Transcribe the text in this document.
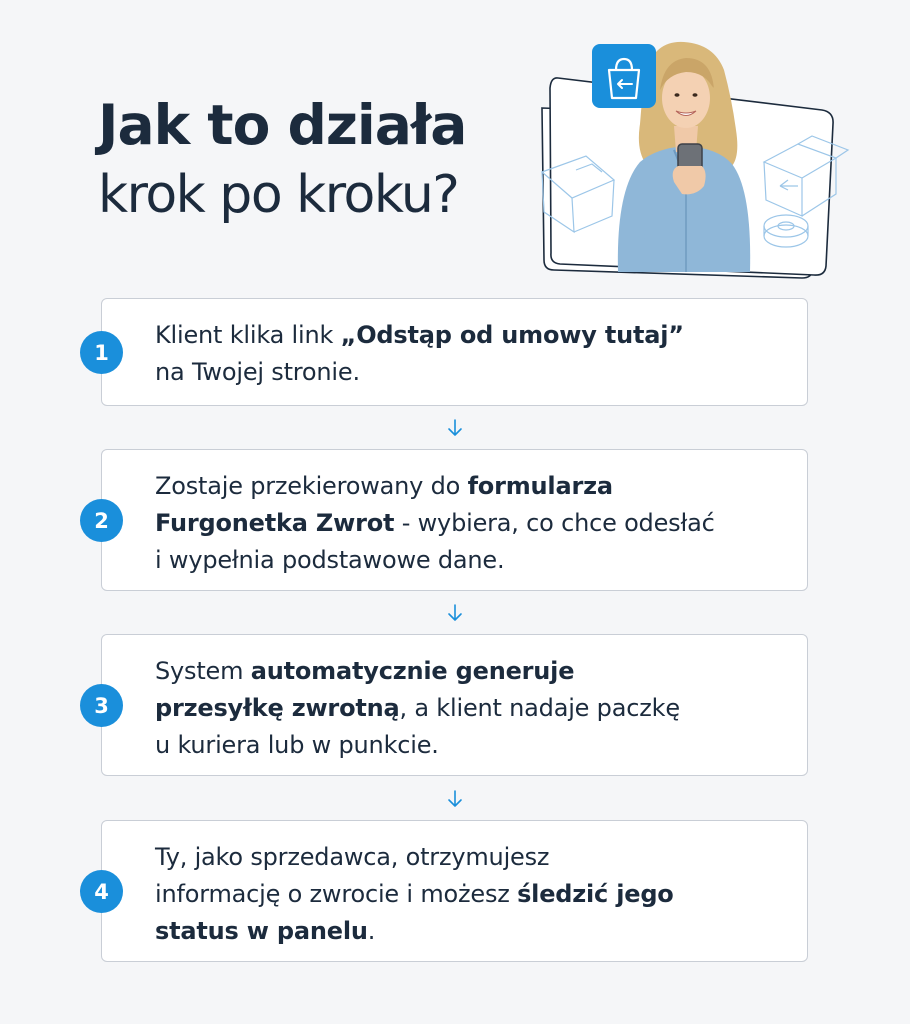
Jak to działa
krok po kroku?
Klient klika link „Odstąp od umowy tutaj”
na Twojej stronie.
1
Zostaje przekierowany do formularza
Furgonetka Zwrot - wybiera, co chce odesłać
i wypełnia podstawowe dane.
2
System automatycznie generuje
przesyłkę zwrotną, a klient nadaje paczkę
u kuriera lub w punkcie.
3
Ty, jako sprzedawca, otrzymujesz
informację o zwrocie i możesz śledzić jego
status w panelu.
4
